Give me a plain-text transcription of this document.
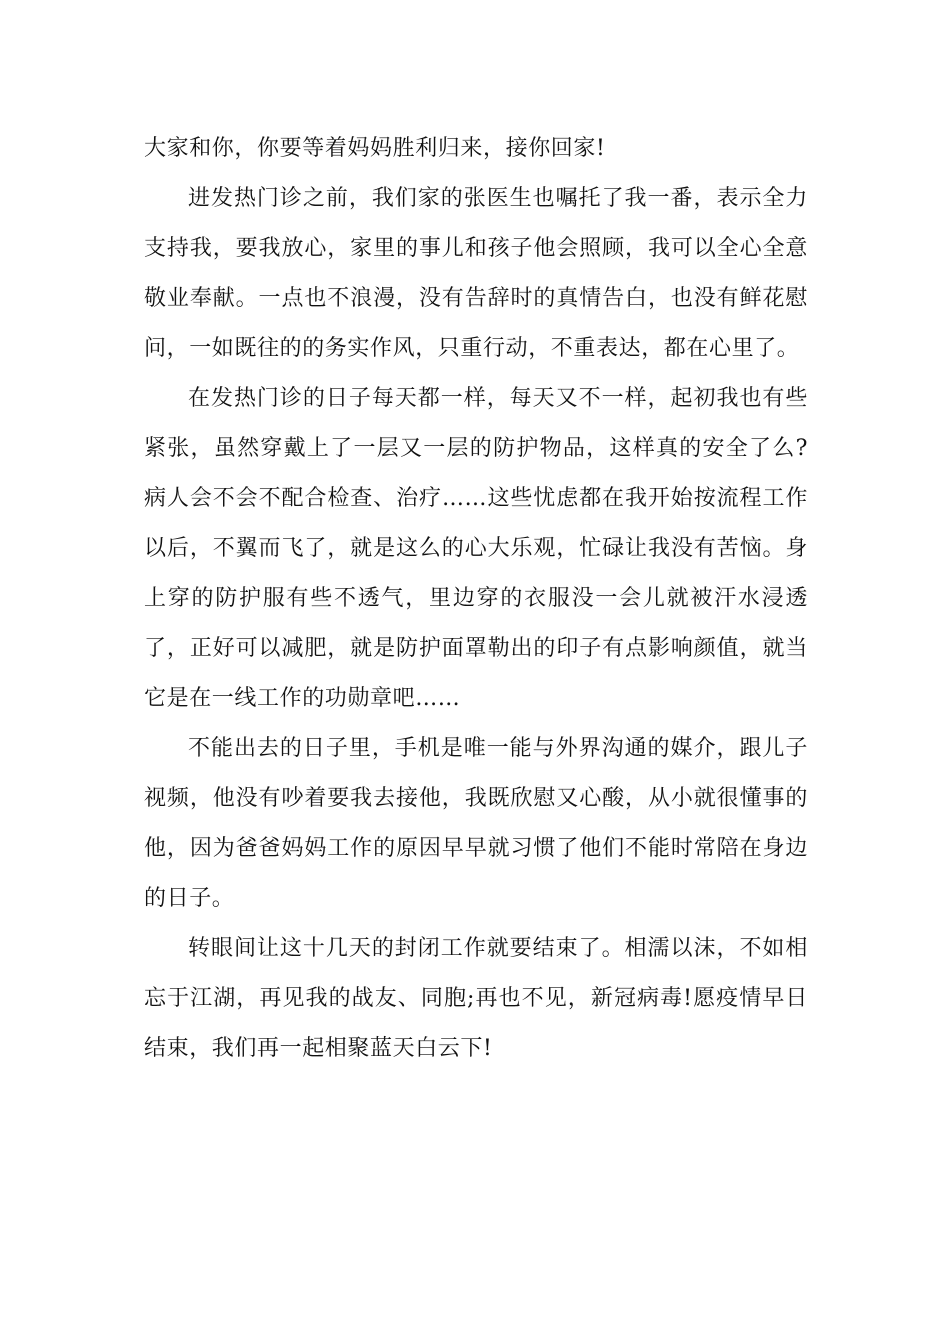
大家和你，你要等着妈妈胜利归来，接你回家!

进发热门诊之前，我们家的张医生也嘱托了我一番，表示全力支持我，要我放心，家里的事儿和孩子他会照顾，我可以全心全意敬业奉献。一点也不浪漫，没有告辞时的真情告白，也没有鲜花慰问，一如既往的的务实作风，只重行动，不重表达，都在心里了。

在发热门诊的日子每天都一样，每天又不一样，起初我也有些紧张，虽然穿戴上了一层又一层的防护物品，这样真的安全了么?病人会不会不配合检查、治疗……这些忧虑都在我开始按流程工作以后，不翼而飞了，就是这么的心大乐观，忙碌让我没有苦恼。身上穿的防护服有些不透气，里边穿的衣服没一会儿就被汗水浸透了，正好可以减肥，就是防护面罩勒出的印子有点影响颜值，就当它是在一线工作的功勋章吧……

不能出去的日子里，手机是唯一能与外界沟通的媒介，跟儿子视频，他没有吵着要我去接他，我既欣慰又心酸，从小就很懂事的他，因为爸爸妈妈工作的原因早早就习惯了他们不能时常陪在身边的日子。

转眼间让这十几天的封闭工作就要结束了。相濡以沫，不如相忘于江湖，再见我的战友、同胞;再也不见，新冠病毒!愿疫情早日结束，我们再一起相聚蓝天白云下!
